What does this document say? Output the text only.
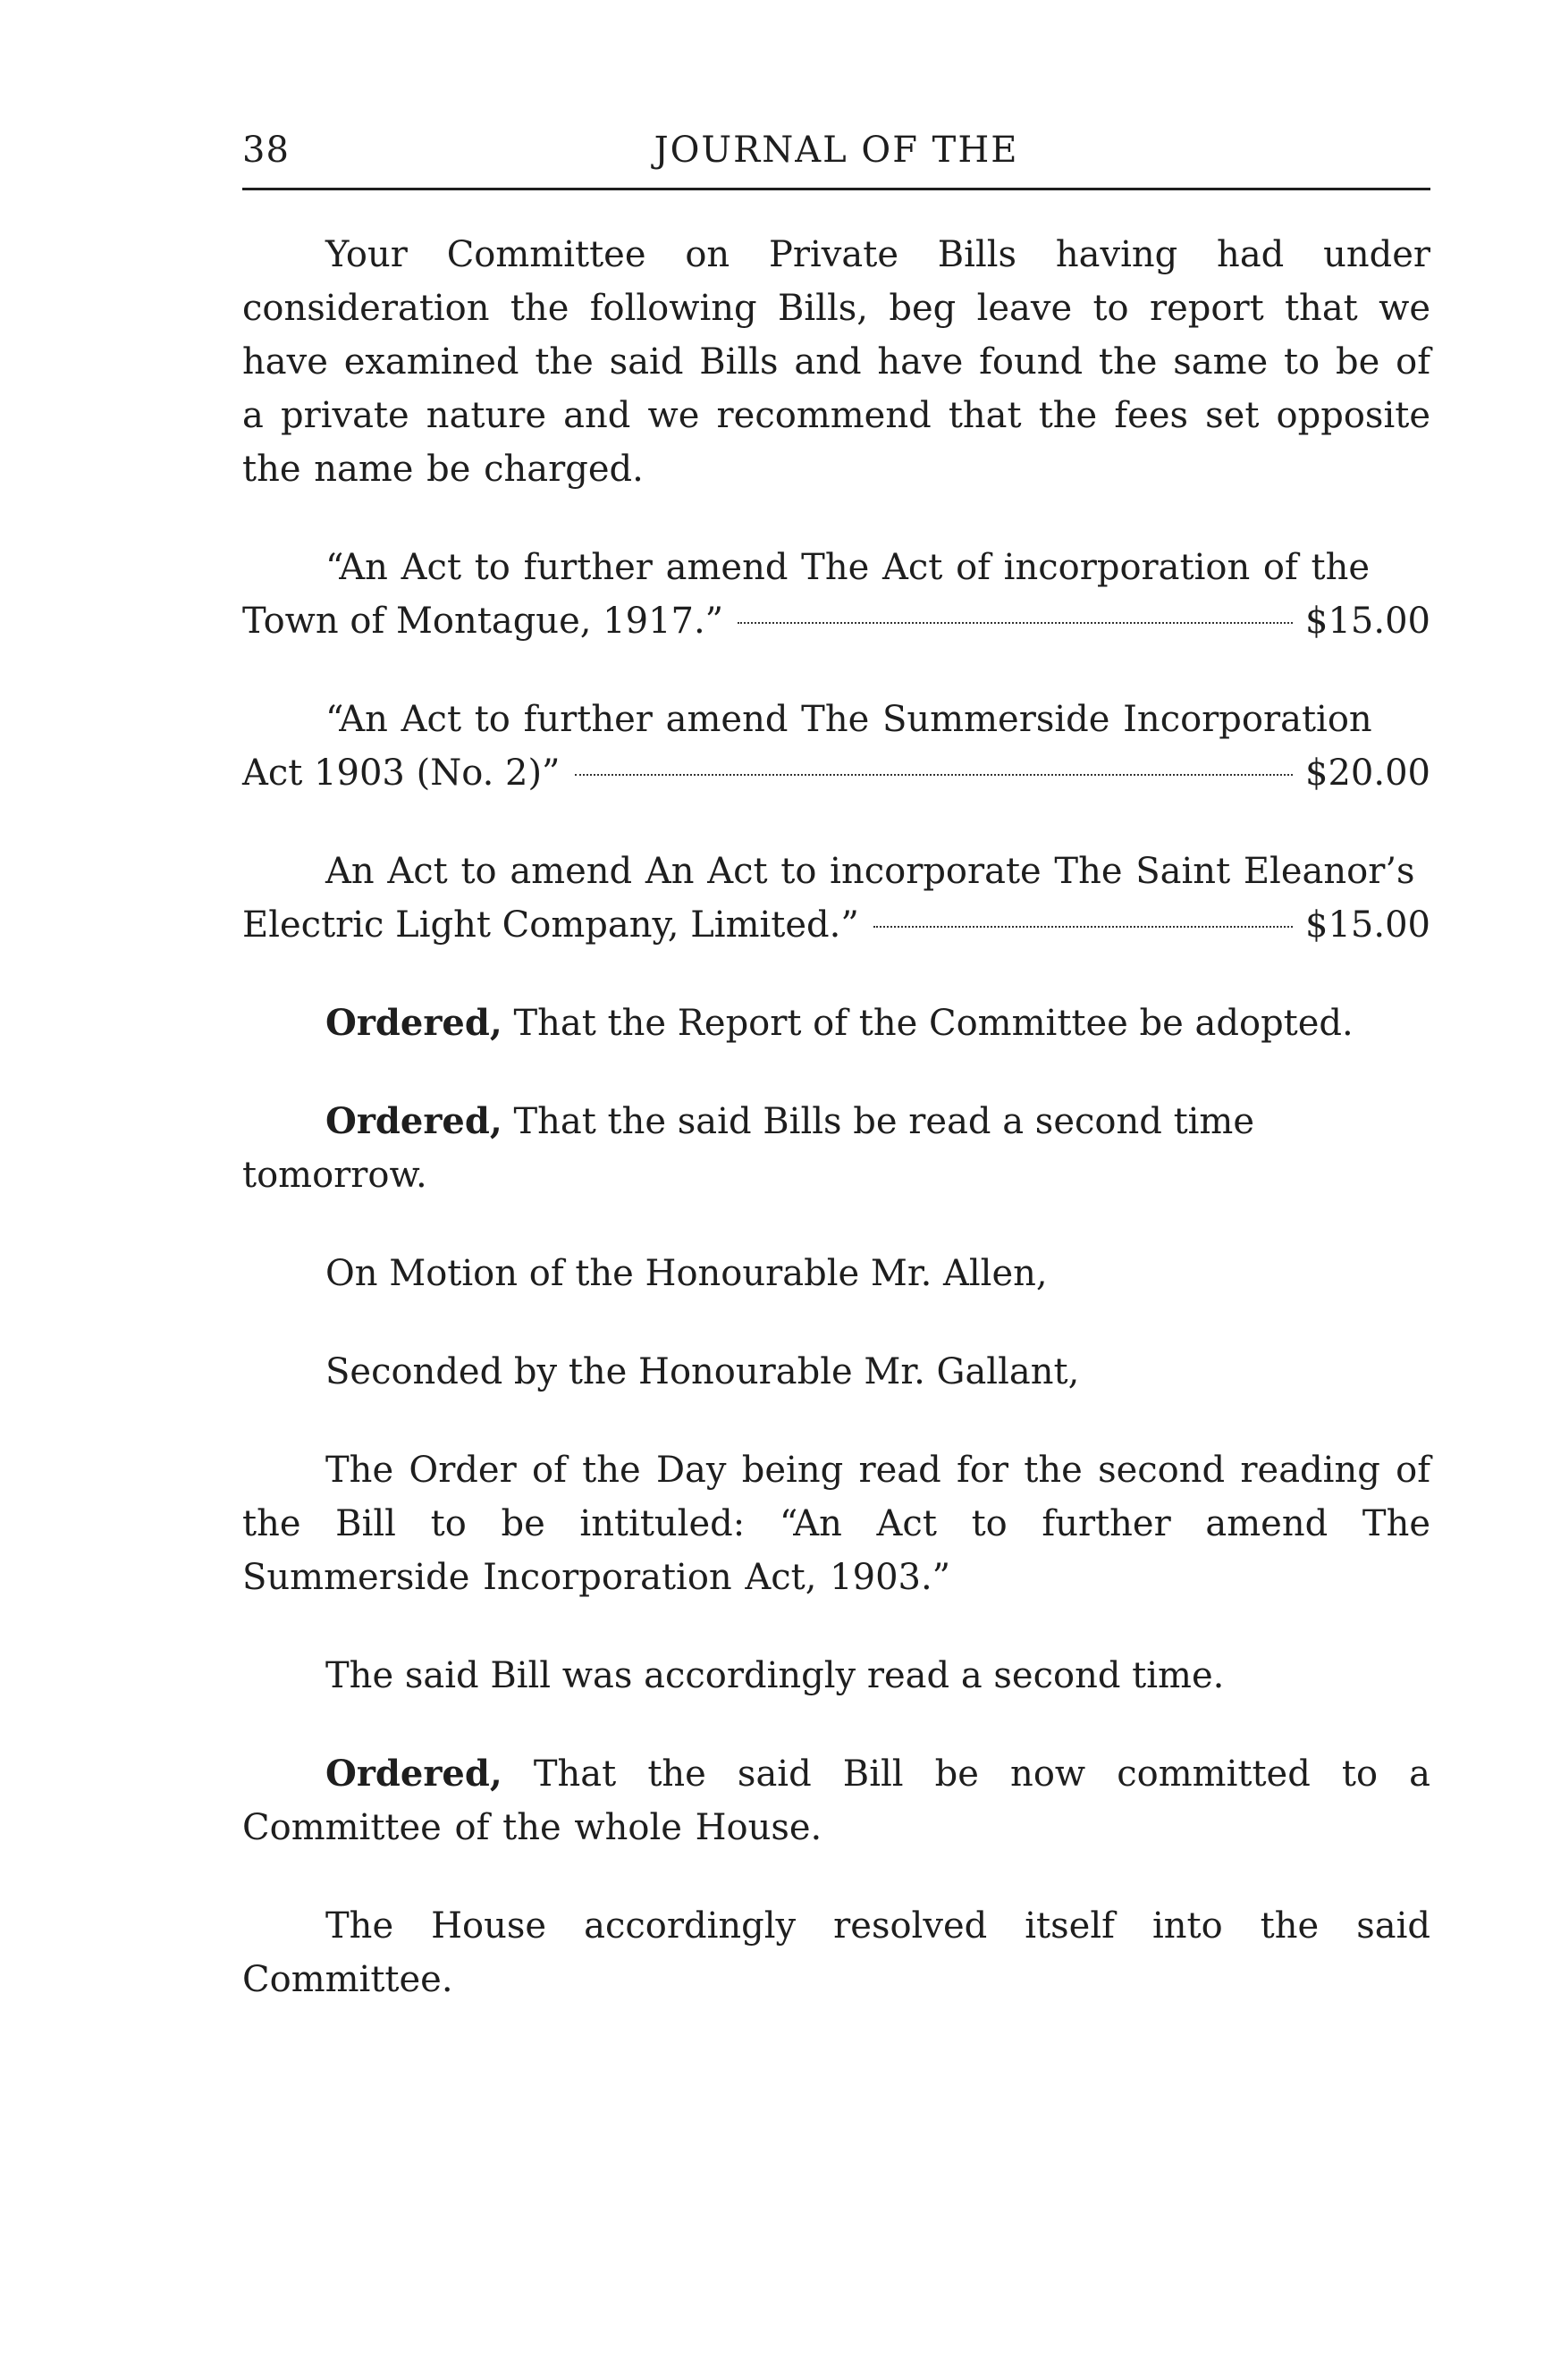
38	JOURNAL OF THE

Your Committee on Private Bills having had under consideration the following Bills, beg leave to report that we have examined the said Bills and have found the same to be of a private nature and we recommend that the fees set opposite the name be charged.

“An Act to further amend The Act of incorporation of the

Town of Montague, 1917.”	$15.00

“An Act to further amend The Summerside Incorporation

Act 1903 (No. 2)”	$20.00

An Act to amend An Act to incorporate The Saint Eleanor’s

Electric Light Company, Limited.”	$15.00

Ordered, That the Report of the Committee be adopted.

Ordered, That the said Bills be read a second time tomorrow.

On Motion of the Honourable Mr. Allen,

Seconded by the Honourable Mr. Gallant,

The Order of the Day being read for the second reading of the Bill to be intituled: “An Act to further amend The Summerside Incorporation Act, 1903.”

The said Bill was accordingly read a second time.

Ordered, That the said Bill be now committed to a Committee of the whole House.

The House accordingly resolved itself into the said Committee.
